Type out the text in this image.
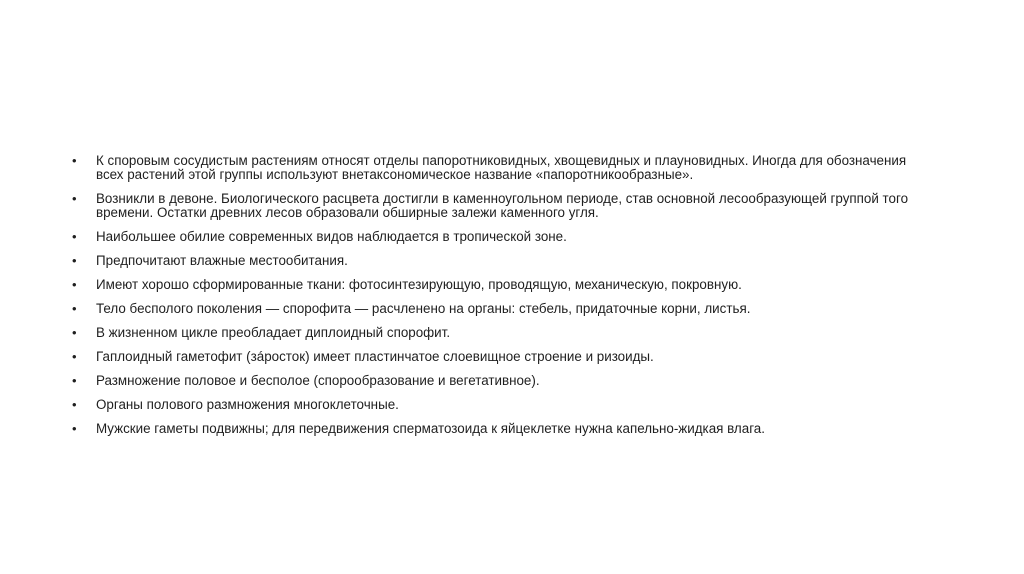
•	К споровым сосудистым растениям относят отделы папоротниковидных, хвощевидных и плауновидных. Иногда для обозначения всех растений этой группы используют внетаксономическое название «папоротникообразные».
•	Возникли в девоне. Биологического расцвета достигли в каменноугольном периоде, став основной лесообразующей группой того времени. Остатки древних лесов образовали обширные залежи каменного угля.
•	Наибольшее обилие современных видов наблюдается в тропической зоне.
•	Предпочитают влажные местообитания.
•	Имеют хорошо сформированные ткани: фотосинтезирующую, проводящую, механическую, покровную.
•	Тело бесполого поколения — спорофита — расчленено на органы: стебель, придаточные корни, листья.
•	В жизненном цикле преобладает диплоидный спорофит.
•	Гаплоидный гаметофит (зáросток) имеет пластинчатое слоевищное строение и ризоиды.
•	Размножение половое и бесполое (спорообразование и вегетативное).
•	Органы полового размножения многоклеточные.
•	Мужские гаметы подвижны; для передвижения сперматозоида к яйцеклетке нужна капельно-жидкая влага.
